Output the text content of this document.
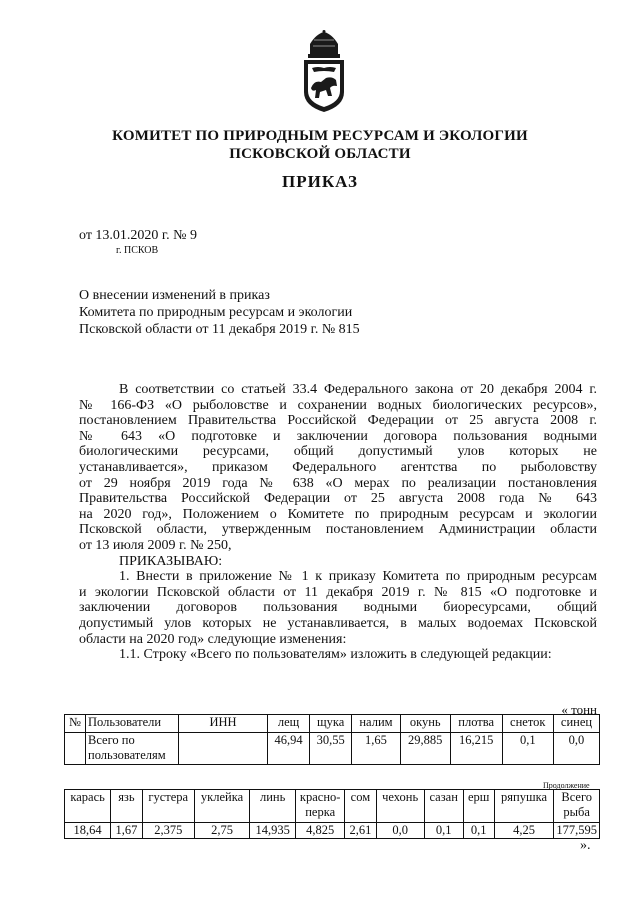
КОМИТЕТ ПО ПРИРОДНЫМ РЕСУРСАМ И ЭКОЛОГИИ
ПСКОВСКОЙ ОБЛАСТИ
ПРИКАЗ
от 13.01.2020 г. № 9
г. ПСКОВ
О внесении изменений в приказ
Комитета по природным ресурсам и экологии
Псковской области от 11 декабря 2019 г. № 815
В соответствии со статьей 33.4 Федерального закона от 20 декабря 2004 г.
№ 166-ФЗ «О рыболовстве и сохранении водных биологических ресурсов»,
постановлением Правительства Российской Федерации от 25 августа 2008 г.
№ 643 «О подготовке и заключении договора пользования водными
биологическими ресурсами, общий допустимый улов которых не
устанавливается», приказом Федерального агентства по рыболовству
от 29 ноября 2019 года № 638 «О мерах по реализации постановления
Правительства Российской Федерации от 25 августа 2008 года № 643
на 2020 год», Положением о Комитете по природным ресурсам и экологии
Псковской области, утвержденным постановлением Администрации области
от 13 июля 2009 г. № 250,
ПРИКАЗЫВАЮ:
1. Внести в приложение № 1 к приказу Комитета по природным ресурсам
и экологии Псковской области от 11 декабря 2019 г. № 815 «О подготовке и
заключении договоров пользования водными биоресурсами, общий
допустимый улов которых не устанавливается, в малых водоемах Псковской
области на 2020 год» следующие изменения:
1.1. Строку «Всего по пользователям» изложить в следующей редакции:
« тонн
№	Пользователи	ИНН	лещ	щука	налим	окунь	плотва	снеток	синец
	Всего по пользователям		46,94	30,55	1,65	29,885	16,215	0,1	0,0
Продолжение
карась	язь	густера	уклейка	линь	красно-перка	сом	чехонь	сазан	ерш	ряпушка	Всего рыба
18,64	1,67	2,375	2,75	14,935	4,825	2,61	0,0	0,1	0,1	4,25	177,595
».
